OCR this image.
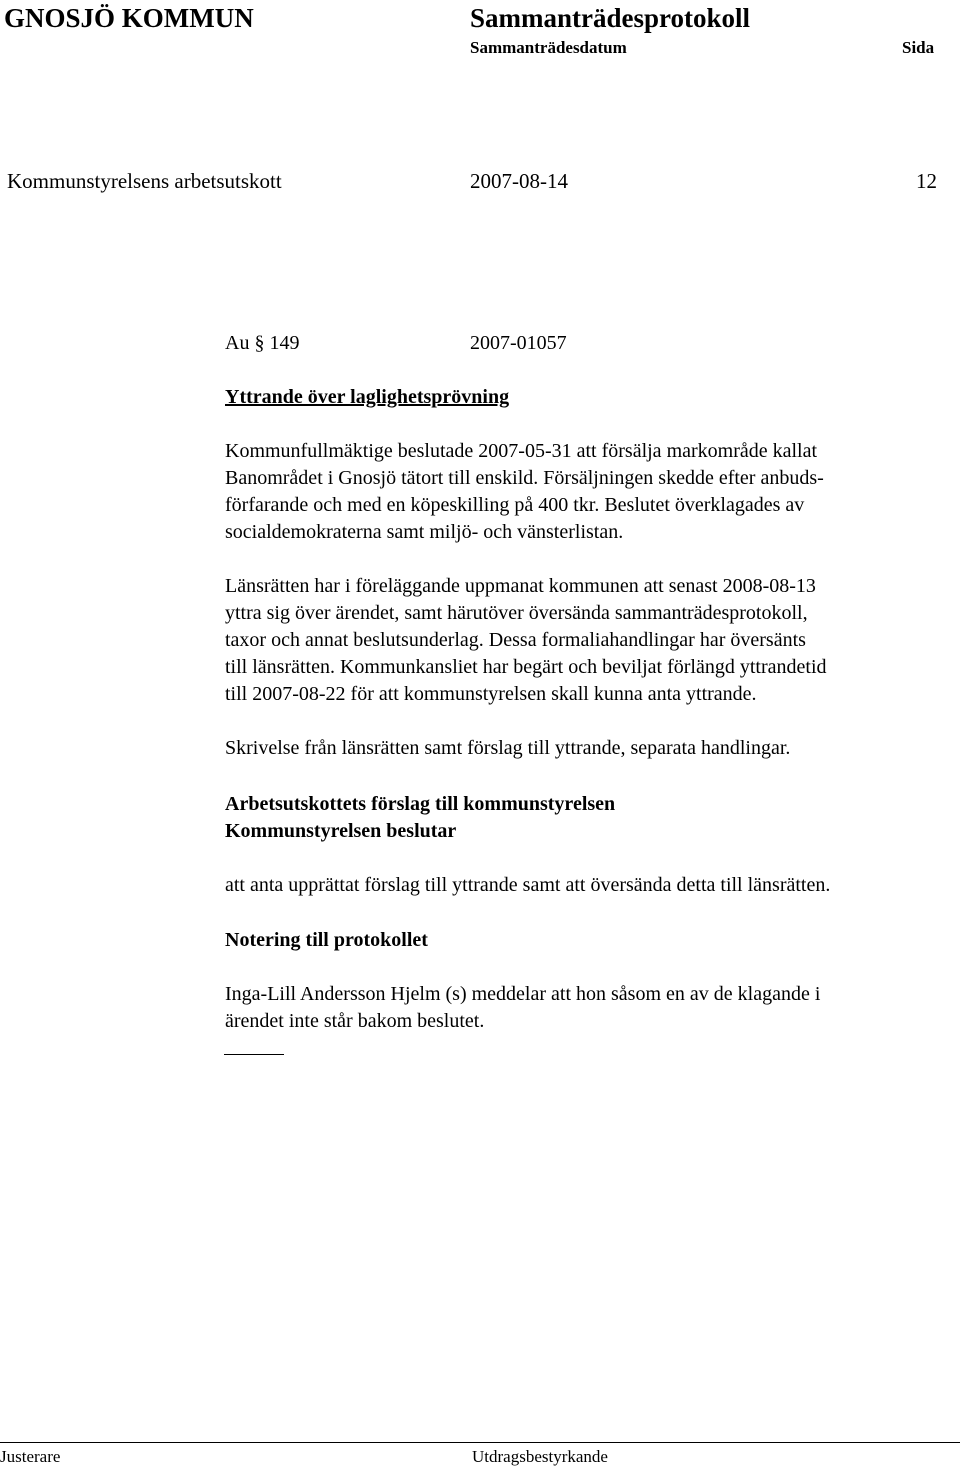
GNOSJÖ KOMMUN	Sammanträdesprotokoll
Sammanträdesdatum	Sida
Kommunstyrelsens arbetsutskott	2007-08-14	12
Au § 149	2007-01057
Yttrande över laglighetsprövning

Kommunfullmäktige beslutade 2007-05-31 att försälja markområde kallat

Banområdet i Gnosjö tätort till enskild. Försäljningen skedde efter anbuds-

förfarande och med en köpeskilling på 400 tkr. Beslutet överklagades av

socialdemokraterna samt miljö- och vänsterlistan.

Länsrätten har i föreläggande uppmanat kommunen att senast 2008-08-13

yttra sig över ärendet, samt härutöver översända sammanträdesprotokoll,

taxor och annat beslutsunderlag. Dessa formaliahandlingar har översänts

till länsrätten. Kommunkansliet har begärt och beviljat förlängd yttrandetid

till 2007-08-22 för att kommunstyrelsen skall kunna anta yttrande.

Skrivelse från länsrätten samt förslag till yttrande, separata handlingar.

Arbetsutskottets förslag till kommunstyrelsen
Kommunstyrelsen beslutar
att anta upprättat förslag till yttrande samt att översända detta till länsrätten.
Notering till protokollet

Inga-Lill Andersson Hjelm (s) meddelar att hon såsom en av de klagande i

ärendet inte står bakom beslutet.

Justerare	Utdragsbestyrkande
